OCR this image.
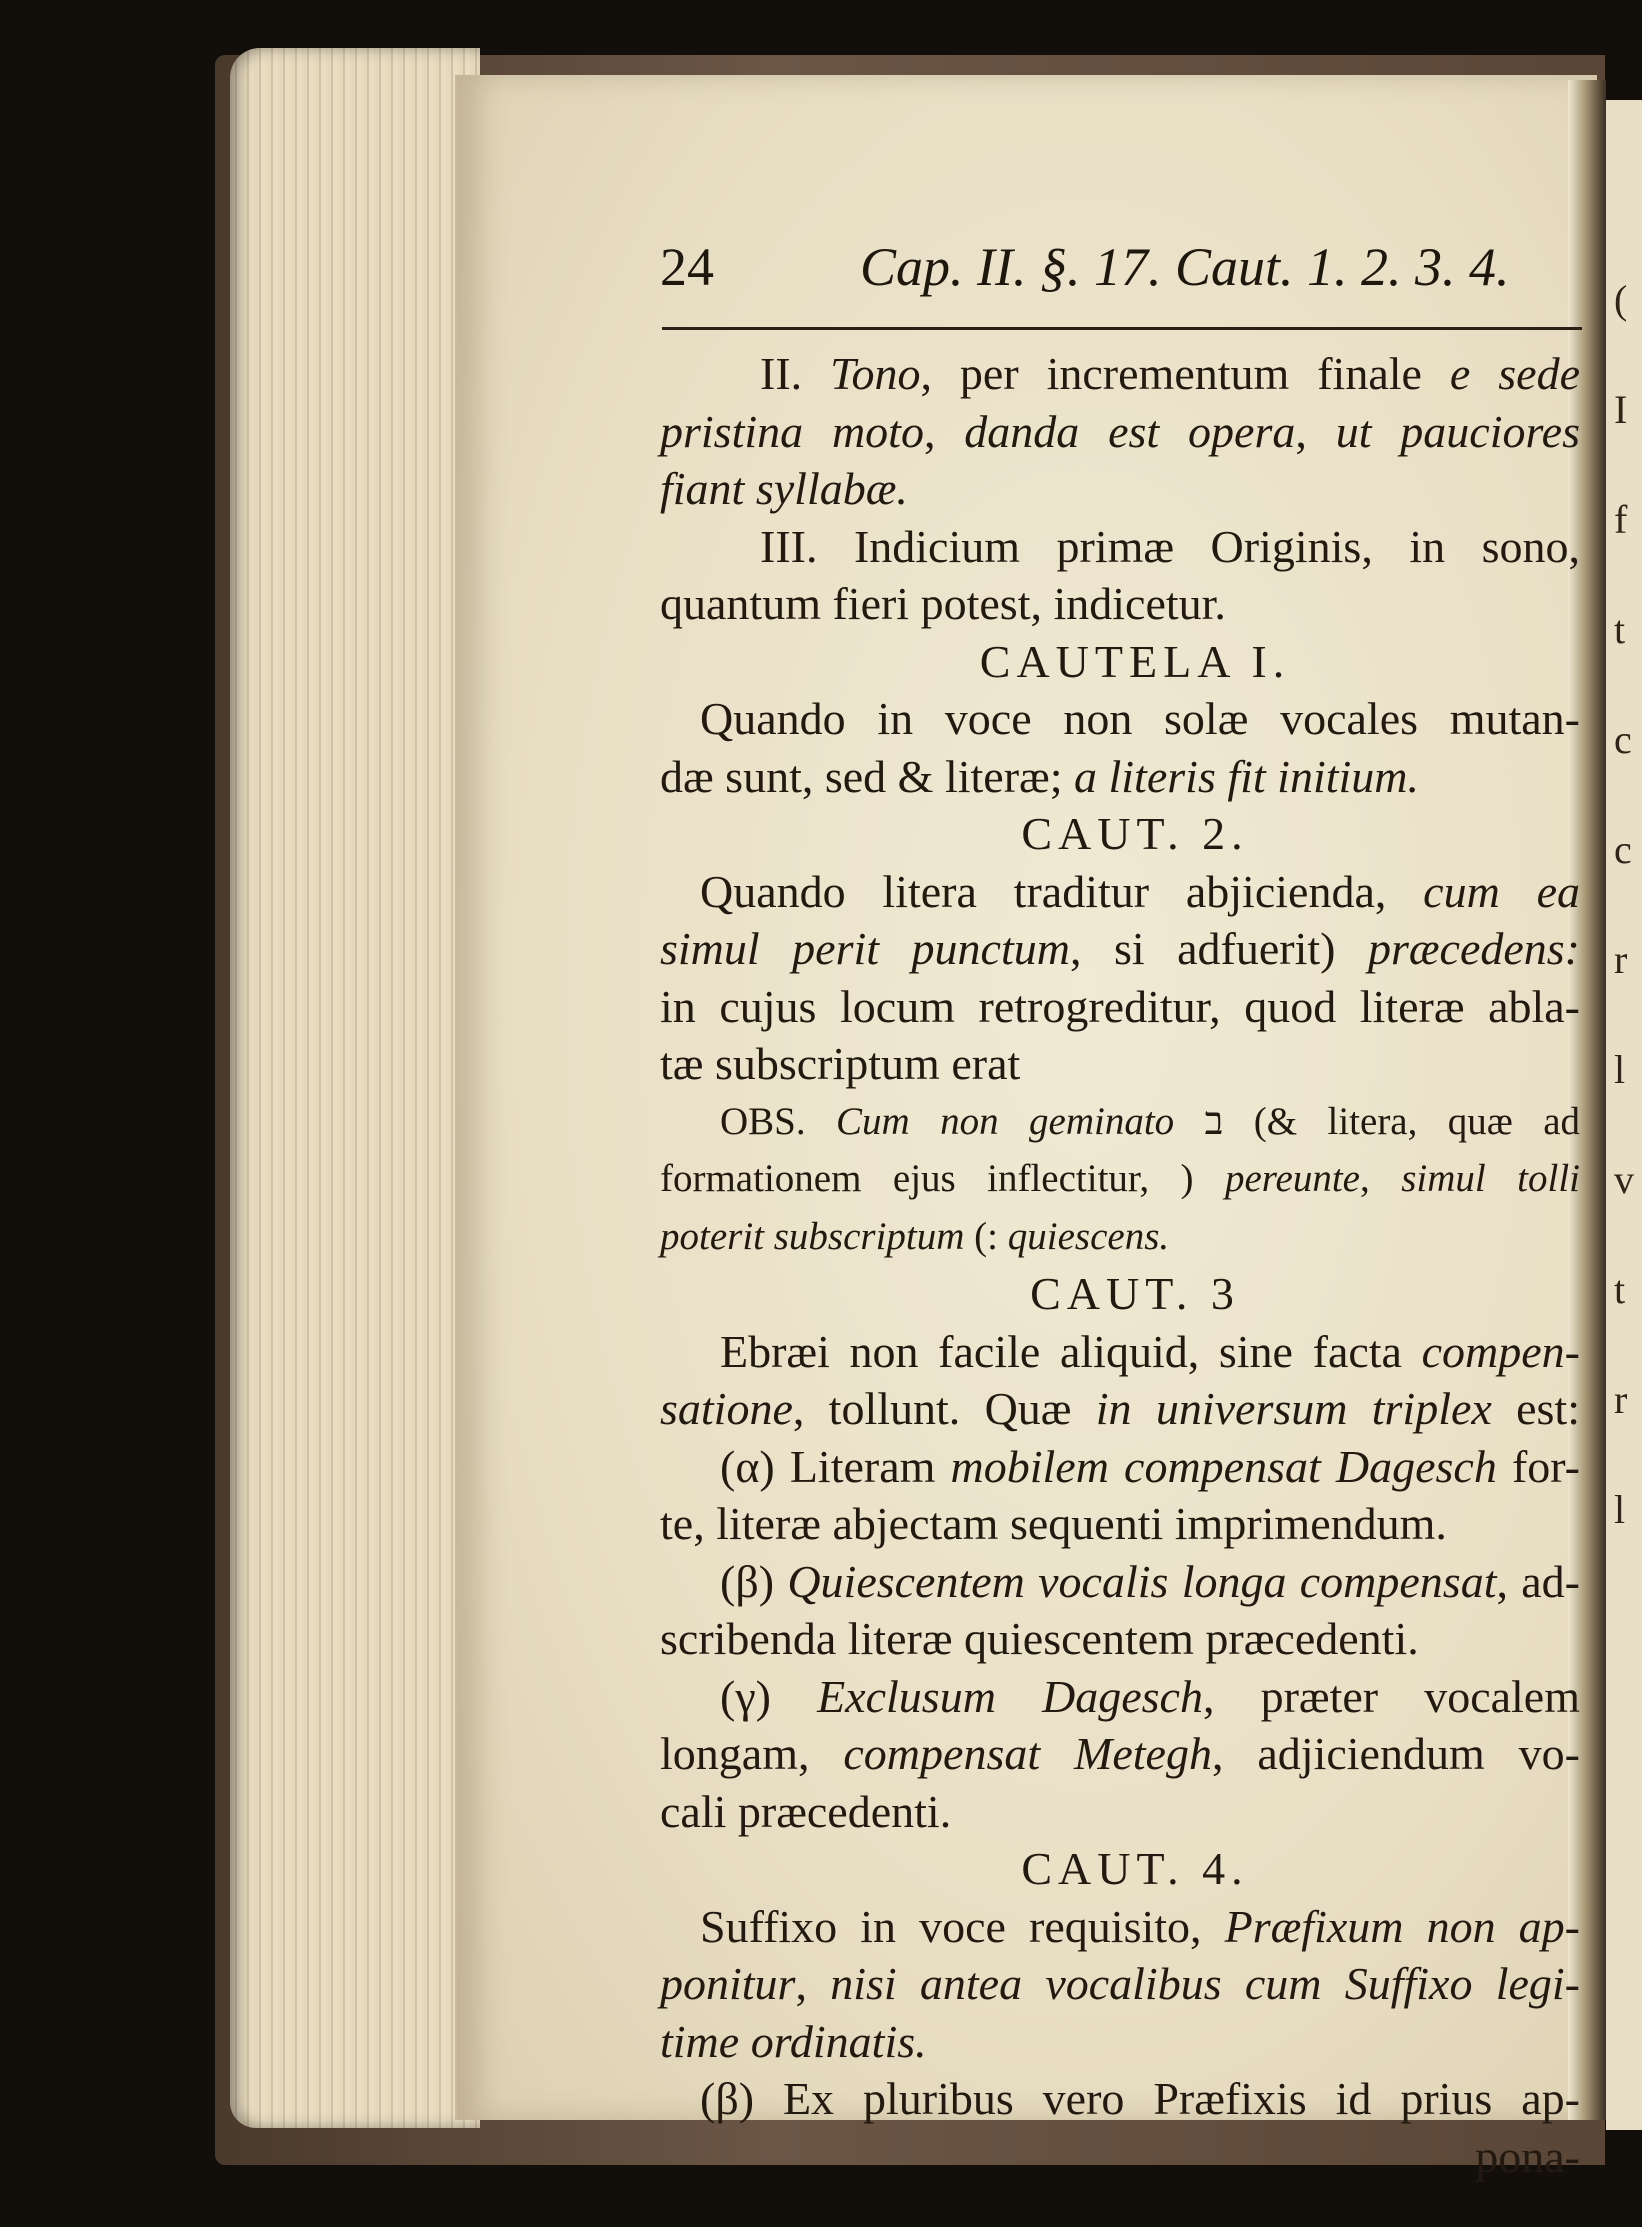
(
I
f
t
c
c
r
l
v
t
r
l
24	Cap. II. §. 17. Caut. 1. 2. 3. 4.
II. Tono, per incrementum finale e sede
pristina moto, danda est opera, ut pauciores
fiant syllabæ.
III. Indicium primæ Originis, in sono,
quantum fieri potest, indicetur.
CAUTELA I.
Quando in voce non solæ vocales mutan-
dæ sunt, sed & literæ; a literis fit initium.
CAUT. 2.
Quando litera traditur abjicienda, cum ea
simul perit punctum, si adfuerit) præcedens:
in cujus locum retrogreditur, quod literæ abla-
tæ subscriptum erat
OBS. Cum non geminato ב (& litera, quæ ad
formationem ejus inflectitur, ) pereunte, simul tolli
poterit subscriptum (: quiescens.
CAUT. 3
Ebræi non facile aliquid, sine facta compen-
satione, tollunt. Quæ in universum triplex est:
(α) Literam mobilem compensat Dagesch for-
te, literæ abjectam sequenti imprimendum.
(β) Quiescentem vocalis longa compensat, ad-
scribenda literæ quiescentem præcedenti.
(γ) Exclusum Dagesch, præter vocalem
longam, compensat Metegh, adjiciendum vo-
cali præcedenti.
CAUT. 4.
Suffixo in voce requisito, Præfixum non ap-
ponitur, nisi antea vocalibus cum Suffixo legi-
time ordinatis.
(β) Ex pluribus vero Præfixis id prius ap-
pona-
